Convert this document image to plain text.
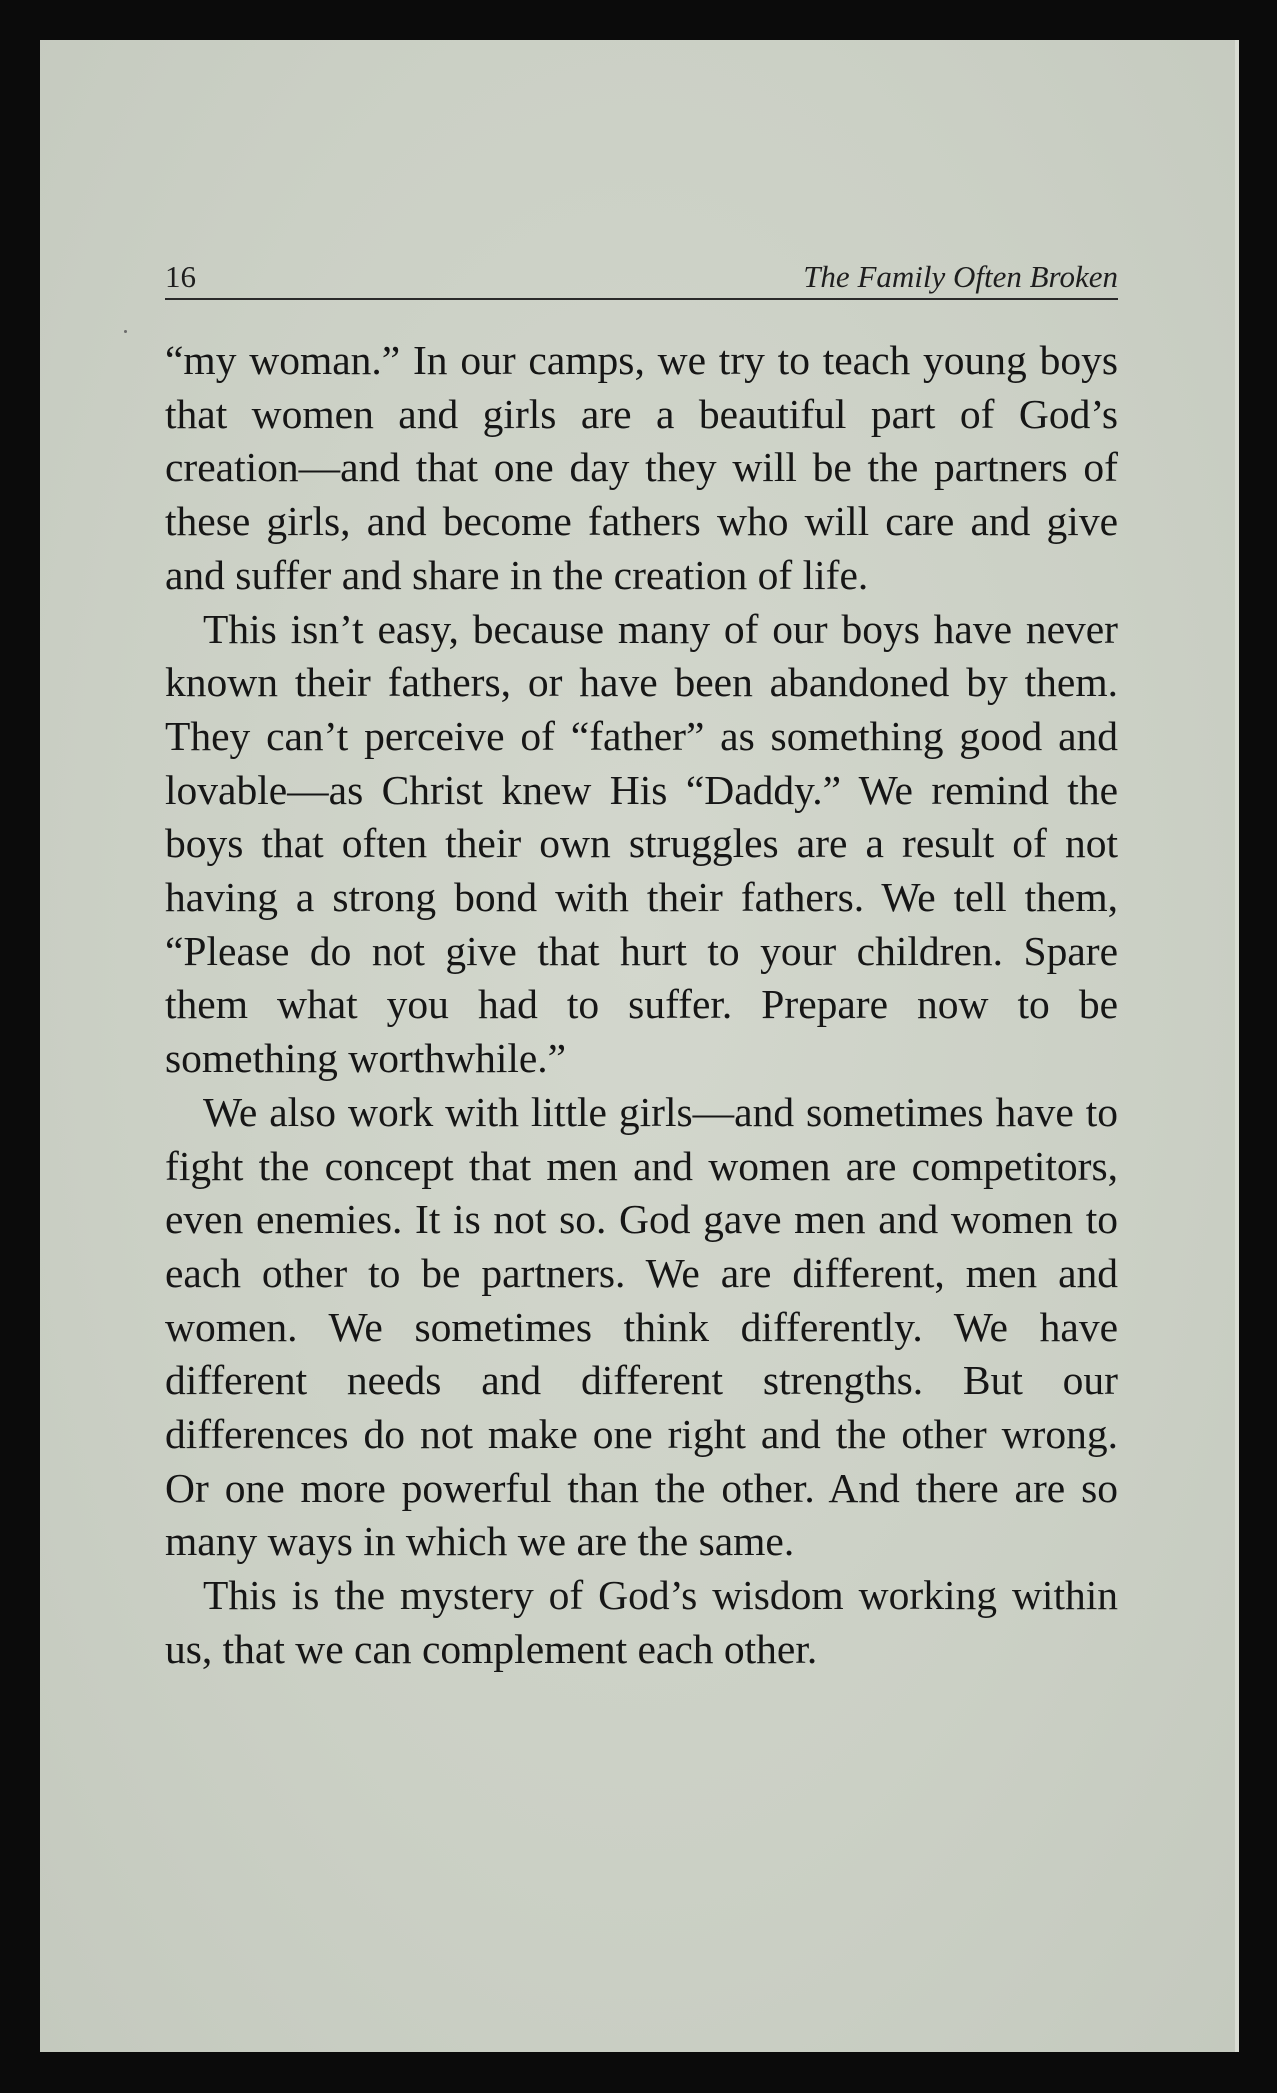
16	The Family Often Broken

“my woman.” In our camps, we try to teach young boys that women and girls are a beautiful part of God’s creation—and that one day they will be the partners of these girls, and become fathers who will care and give and suffer and share in the creation of life.

This isn’t easy, because many of our boys have never known their fathers, or have been abandoned by them. They can’t perceive of “father” as something good and lovable—as Christ knew His “Daddy.” We remind the boys that often their own struggles are a result of not having a strong bond with their fathers. We tell them, “Please do not give that hurt to your children. Spare them what you had to suffer. Prepare now to be something worthwhile.”

We also work with little girls—and sometimes have to fight the concept that men and women are competitors, even enemies. It is not so. God gave men and women to each other to be partners. We are different, men and women. We sometimes think differently. We have different needs and different strengths. But our differences do not make one right and the other wrong. Or one more powerful than the other. And there are so many ways in which we are the same.

This is the mystery of God’s wisdom working within us, that we can complement each other.
